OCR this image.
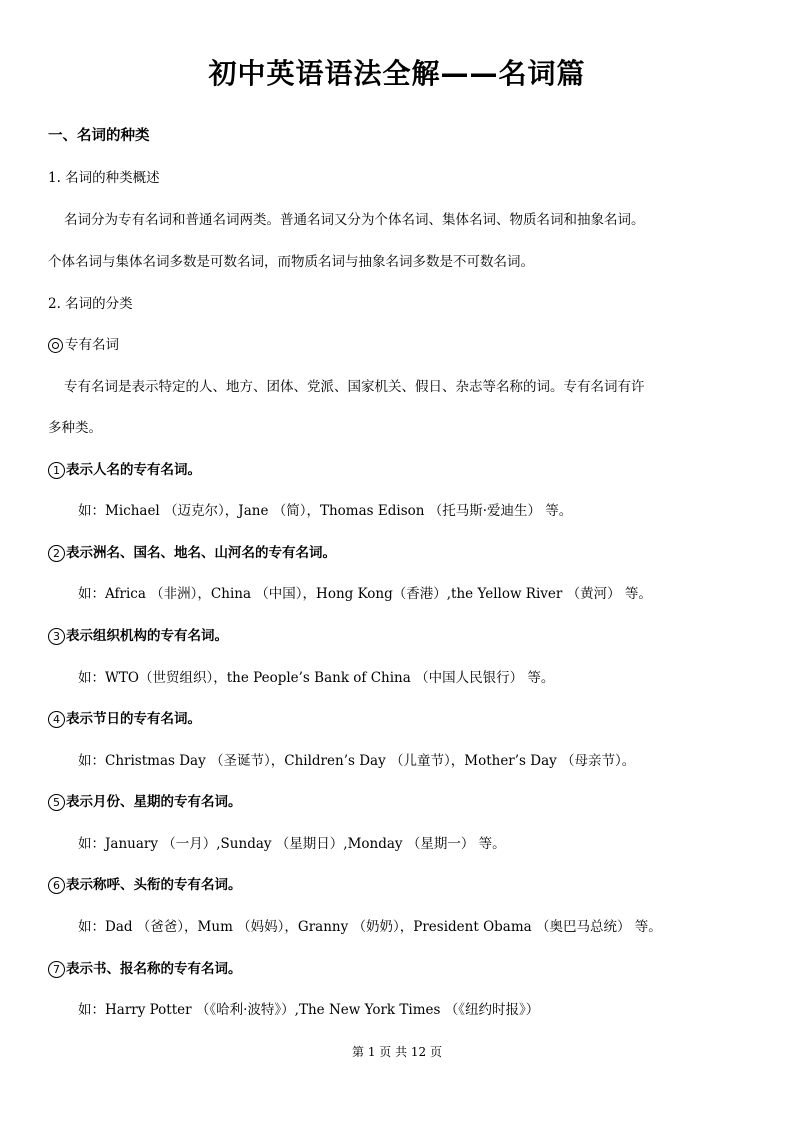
初中英语语法全解——名词篇
一、名词的种类
1. 名词的种类概述
名词分为专有名词和普通名词两类。普通名词又分为个体名词、集体名词、物质名词和抽象名词。
个体名词与集体名词多数是可数名词，而物质名词与抽象名词多数是不可数名词。
2. 名词的分类
专有名词
专有名词是表示特定的人、地方、团体、党派、国家机关、假日、杂志等名称的词。专有名词有许
多种类。
1 表示人名的专有名词。
如：Michael （迈克尔），Jane （简），Thomas Edison （托马斯·爱迪生） 等。
2 表示洲名、国名、地名、山河名的专有名词。
如：Africa （非洲），China （中国），Hong Kong（香港）,the Yellow River （黄河） 等。
3 表示组织机构的专有名词。
如：WTO（世贸组织），the People’s Bank of China （中国人民银行） 等。
4 表示节日的专有名词。
如：Christmas Day （圣诞节），Children’s Day （儿童节），Mother’s Day （母亲节）。
5 表示月份、星期的专有名词。
如：January （一月）,Sunday （星期日）,Monday （星期一） 等。
6 表示称呼、头衔的专有名词。
如：Dad （爸爸），Mum （妈妈），Granny （奶奶），President Obama （奥巴马总统） 等。
7 表示书、报名称的专有名词。
如：Harry Potter （《哈利·波特》）,The New York Times （《纽约时报》）
第 1 页 共 12 页
